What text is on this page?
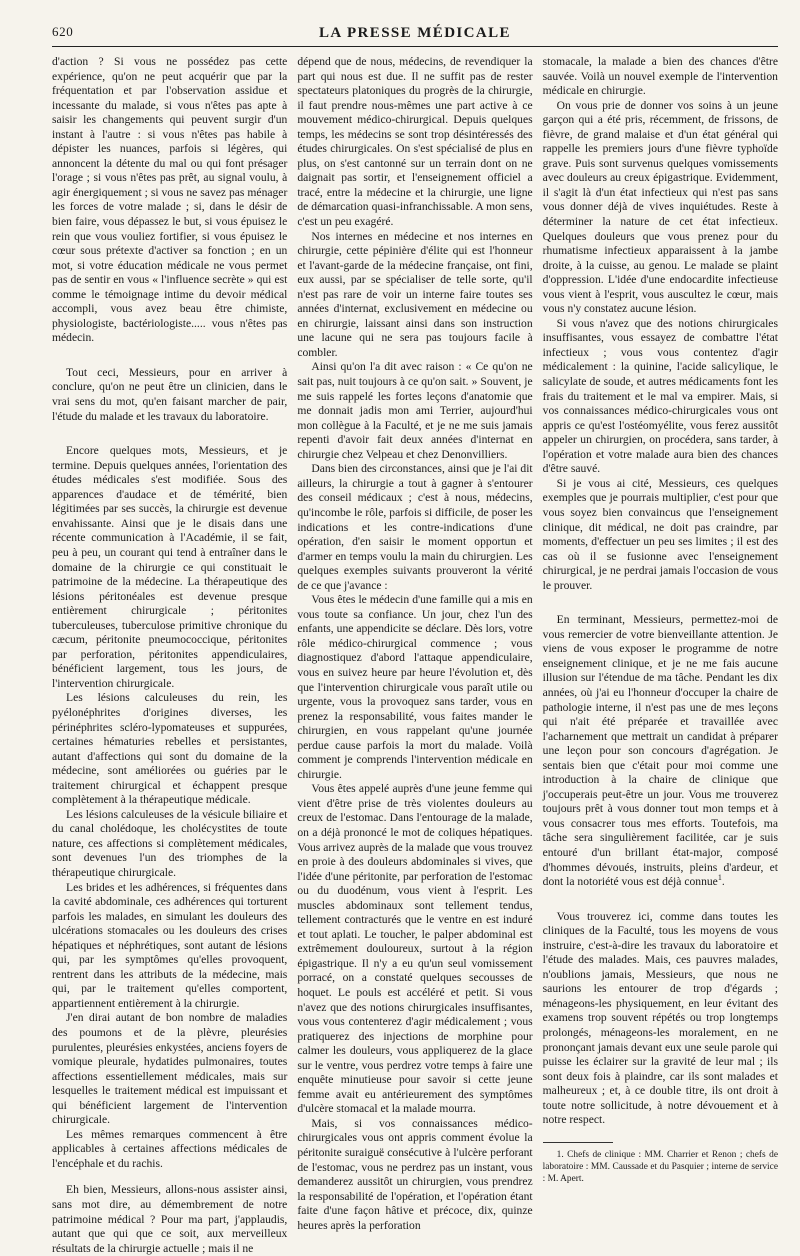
620	LA PRESSE MÉDICALE

d'action ? Si vous ne possédez pas cette expérience, qu'on ne peut acquérir que par la fréquentation et par l'observation assidue et incessante du malade, si vous n'êtes pas apte à saisir les changements qui peuvent surgir d'un instant à l'autre : si vous n'êtes pas habile à dépister les nuances, parfois si légères, qui annoncent la détente du mal ou qui font présager l'orage ; si vous n'êtes pas prêt, au signal voulu, à agir énergiquement ; si vous ne savez pas ménager les forces de votre malade ; si, dans le désir de bien faire, vous dépassez le but, si vous épuisez le rein que vous vouliez fortifier, si vous épuisez le cœur sous prétexte d'activer sa fonction ; en un mot, si votre éducation médicale ne vous permet pas de sentir en vous « l'influence secrète » qui est comme le témoignage intime du devoir médical accompli, vous avez beau être chimiste, physiologiste, bactériologiste..... vous n'êtes pas médecin.

Tout ceci, Messieurs, pour en arriver à conclure, qu'on ne peut être un clinicien, dans le vrai sens du mot, qu'en faisant marcher de pair, l'étude du malade et les travaux du laboratoire.

Encore quelques mots, Messieurs, et je termine. Depuis quelques années, l'orientation des études médicales s'est modifiée. Sous des apparences d'audace et de témérité, bien légitimées par ses succès, la chirurgie est devenue envahissante. Ainsi que je le disais dans une récente communication à l'Académie, il se fait, peu à peu, un courant qui tend à entraîner dans le domaine de la chirurgie ce qui constituait le patrimoine de la médecine. La thérapeutique des lésions péritonéales est devenue presque entièrement chirurgicale ; péritonites tuberculeuses, tuberculose primitive chronique du cæcum, péritonite pneumococcique, péritonites par perforation, péritonites appendiculaires, bénéficient largement, tous les jours, de l'intervention chirurgicale.

Les lésions calculeuses du rein, les pyélonéphrites d'origines diverses, les périnéphrites scléro-lypomateuses et suppurées, certaines hématuries rebelles et persistantes, autant d'affections qui sont du domaine de la médecine, sont améliorées ou guéries par le traitement chirurgical et échappent presque complètement à la thérapeutique médicale.

Les lésions calculeuses de la vésicule biliaire et du canal cholédoque, les cholécystites de toute nature, ces affections si complètement médicales, sont devenues l'un des triomphes de la thérapeutique chirurgicale.

Les brides et les adhérences, si fréquentes dans la cavité abdominale, ces adhérences qui torturent parfois les malades, en simulant les douleurs des ulcérations stomacales ou les douleurs des crises hépatiques et néphrétiques, sont autant de lésions qui, par les symptômes qu'elles provoquent, rentrent dans les attributs de la médecine, mais qui, par le traitement qu'elles comportent, appartiennent entièrement à la chirurgie.

J'en dirai autant de bon nombre de maladies des poumons et de la plèvre, pleurésies purulentes, pleurésies enkystées, anciens foyers de vomique pleurale, hydatides pulmonaires, toutes affections essentiellement médicales, mais sur lesquelles le traitement médical est impuissant et qui bénéficient largement de l'intervention chirurgicale.

Les mêmes remarques commencent à être applicables à certaines affections médicales de l'encéphale et du rachis.

Eh bien, Messieurs, allons-nous assister ainsi, sans mot dire, au démembrement de notre patrimoine médical ? Pour ma part, j'applaudis, autant que qui que ce soit, aux merveilleux résultats de la chirurgie actuelle ; mais il ne

dépend que de nous, médecins, de revendiquer la part qui nous est due. Il ne suffit pas de rester spectateurs platoniques du progrès de la chirurgie, il faut prendre nous-mêmes une part active à ce mouvement médico-chirurgical. Depuis quelques temps, les médecins se sont trop désintéressés des études chirurgicales. On s'est spécialisé de plus en plus, on s'est cantonné sur un terrain dont on ne daignait pas sortir, et l'enseignement officiel a tracé, entre la médecine et la chirurgie, une ligne de démarcation quasi-infranchissable. A mon sens, c'est un peu exagéré.

Nos internes en médecine et nos internes en chirurgie, cette pépinière d'élite qui est l'honneur et l'avant-garde de la médecine française, ont fini, eux aussi, par se spécialiser de telle sorte, qu'il n'est pas rare de voir un interne faire toutes ses années d'internat, exclusivement en médecine ou en chirurgie, laissant ainsi dans son instruction une lacune qui ne sera pas toujours facile à combler.

Ainsi qu'on l'a dit avec raison : « Ce qu'on ne sait pas, nuit toujours à ce qu'on sait. » Souvent, je me suis rappelé les fortes leçons d'anatomie que me donnait jadis mon ami Terrier, aujourd'hui mon collègue à la Faculté, et je ne me suis jamais repenti d'avoir fait deux années d'internat en chirurgie chez Velpeau et chez Denonvilliers.

Dans bien des circonstances, ainsi que je l'ai dit ailleurs, la chirurgie a tout à gagner à s'entourer des conseil médicaux ; c'est à nous, médecins, qu'incombe le rôle, parfois si difficile, de poser les indications et les contre-indications d'une opération, d'en saisir le moment opportun et d'armer en temps voulu la main du chirurgien. Les quelques exemples suivants prouveront la vérité de ce que j'avance :

Vous êtes le médecin d'une famille qui a mis en vous toute sa confiance. Un jour, chez l'un des enfants, une appendicite se déclare. Dès lors, votre rôle médico-chirurgical commence ; vous diagnostiquez d'abord l'attaque appendiculaire, vous en suivez heure par heure l'évolution et, dès que l'intervention chirurgicale vous paraît utile ou urgente, vous la provoquez sans tarder, vous en prenez la responsabilité, vous faites mander le chirurgien, en vous rappelant qu'une journée perdue cause parfois la mort du malade. Voilà comment je comprends l'intervention médicale en chirurgie.

Vous êtes appelé auprès d'une jeune femme qui vient d'être prise de très violentes douleurs au creux de l'estomac. Dans l'entourage de la malade, on a déjà prononcé le mot de coliques hépatiques. Vous arrivez auprès de la malade que vous trouvez en proie à des douleurs abdominales si vives, que l'idée d'une péritonite, par perforation de l'estomac ou du duodénum, vous vient à l'esprit. Les muscles abdominaux sont tellement tendus, tellement contracturés que le ventre en est induré et tout aplati. Le toucher, le palper abdominal est extrêmement douloureux, surtout à la région épigastrique. Il n'y a eu qu'un seul vomissement porracé, on a constaté quelques secousses de hoquet. Le pouls est accéléré et petit. Si vous n'avez que des notions chirurgicales insuffisantes, vous vous contenterez d'agir médicalement ; vous pratiquerez des injections de morphine pour calmer les douleurs, vous appliquerez de la glace sur le ventre, vous perdrez votre temps à faire une enquête minutieuse pour savoir si cette jeune femme avait eu antérieurement des symptômes d'ulcère stomacal et la malade mourra.

Mais, si vos connaissances médico-chirurgicales vous ont appris comment évolue la péritonite suraiguë consécutive à l'ulcère perforant de l'estomac, vous ne perdrez pas un instant, vous demanderez aussitôt un chirurgien, vous prendrez la responsabilité de l'opération, et l'opération étant faite d'une façon hâtive et précoce, dix, quinze heures après la perforation

stomacale, la malade a bien des chances d'être sauvée. Voilà un nouvel exemple de l'intervention médicale en chirurgie.

On vous prie de donner vos soins à un jeune garçon qui a été pris, récemment, de frissons, de fièvre, de grand malaise et d'un état général qui rappelle les premiers jours d'une fièvre typhoïde grave. Puis sont survenus quelques vomissements avec douleurs au creux épigastrique. Evidemment, il s'agit là d'un état infectieux qui n'est pas sans vous donner déjà de vives inquiétudes. Reste à déterminer la nature de cet état infectieux. Quelques douleurs que vous prenez pour du rhumatisme infectieux apparaissent à la jambe droite, à la cuisse, au genou. Le malade se plaint d'oppression. L'idée d'une endocardite infectieuse vous vient à l'esprit, vous auscultez le cœur, mais vous n'y constatez aucune lésion.

Si vous n'avez que des notions chirurgicales insuffisantes, vous essayez de combattre l'état infectieux ; vous vous contentez d'agir médicalement : la quinine, l'acide salicylique, le salicylate de soude, et autres médicaments font les frais du traitement et le mal va empirer. Mais, si vos connaissances médico-chirurgicales vous ont appris ce qu'est l'ostéomyélite, vous ferez aussitôt appeler un chirurgien, on procédera, sans tarder, à l'opération et votre malade aura bien des chances d'être sauvé.

Si je vous ai cité, Messieurs, ces quelques exemples que je pourrais multiplier, c'est pour que vous soyez bien convaincus que l'enseignement clinique, dit médical, ne doit pas craindre, par moments, d'effectuer un peu ses limites ; il est des cas où il se fusionne avec l'enseignement chirurgical, je ne perdrai jamais l'occasion de vous le prouver.

En terminant, Messieurs, permettez-moi de vous remercier de votre bienveillante attention. Je viens de vous exposer le programme de notre enseignement clinique, et je ne me fais aucune illusion sur l'étendue de ma tâche. Pendant les dix années, où j'ai eu l'honneur d'occuper la chaire de pathologie interne, il n'est pas une de mes leçons qui n'ait été préparée et travaillée avec l'acharnement que mettrait un candidat à préparer une leçon pour son concours d'agrégation. Je sentais bien que c'était pour moi comme une introduction à la chaire de clinique que j'occuperais peut-être un jour. Vous me trouverez toujours prêt à vous donner tout mon temps et à vous consacrer tous mes efforts. Toutefois, ma tâche sera singulièrement facilitée, car je suis entouré d'un brillant état-major, composé d'hommes dévoués, instruits, pleins d'ardeur, et dont la notoriété vous est déjà connue$^1$.

Vous trouverez ici, comme dans toutes les cliniques de la Faculté, tous les moyens de vous instruire, c'est-à-dire les travaux du laboratoire et l'étude des malades. Mais, ces pauvres malades, n'oublions jamais, Messieurs, que nous ne saurions les entourer de trop d'égards ; ménageons-les physiquement, en leur évitant des examens trop souvent répétés ou trop longtemps prolongés, ménageons-les moralement, en ne prononçant jamais devant eux une seule parole qui puisse les éclairer sur la gravité de leur mal ; ils sont deux fois à plaindre, car ils sont malades et malheureux ; et, à ce double titre, ils ont droit à toute notre sollicitude, à notre dévouement et à notre respect.

1. Chefs de clinique : MM. Charrier et Renon ; chefs de laboratoire : MM. Caussade et du Pasquier ; interne de service : M. Apert.
